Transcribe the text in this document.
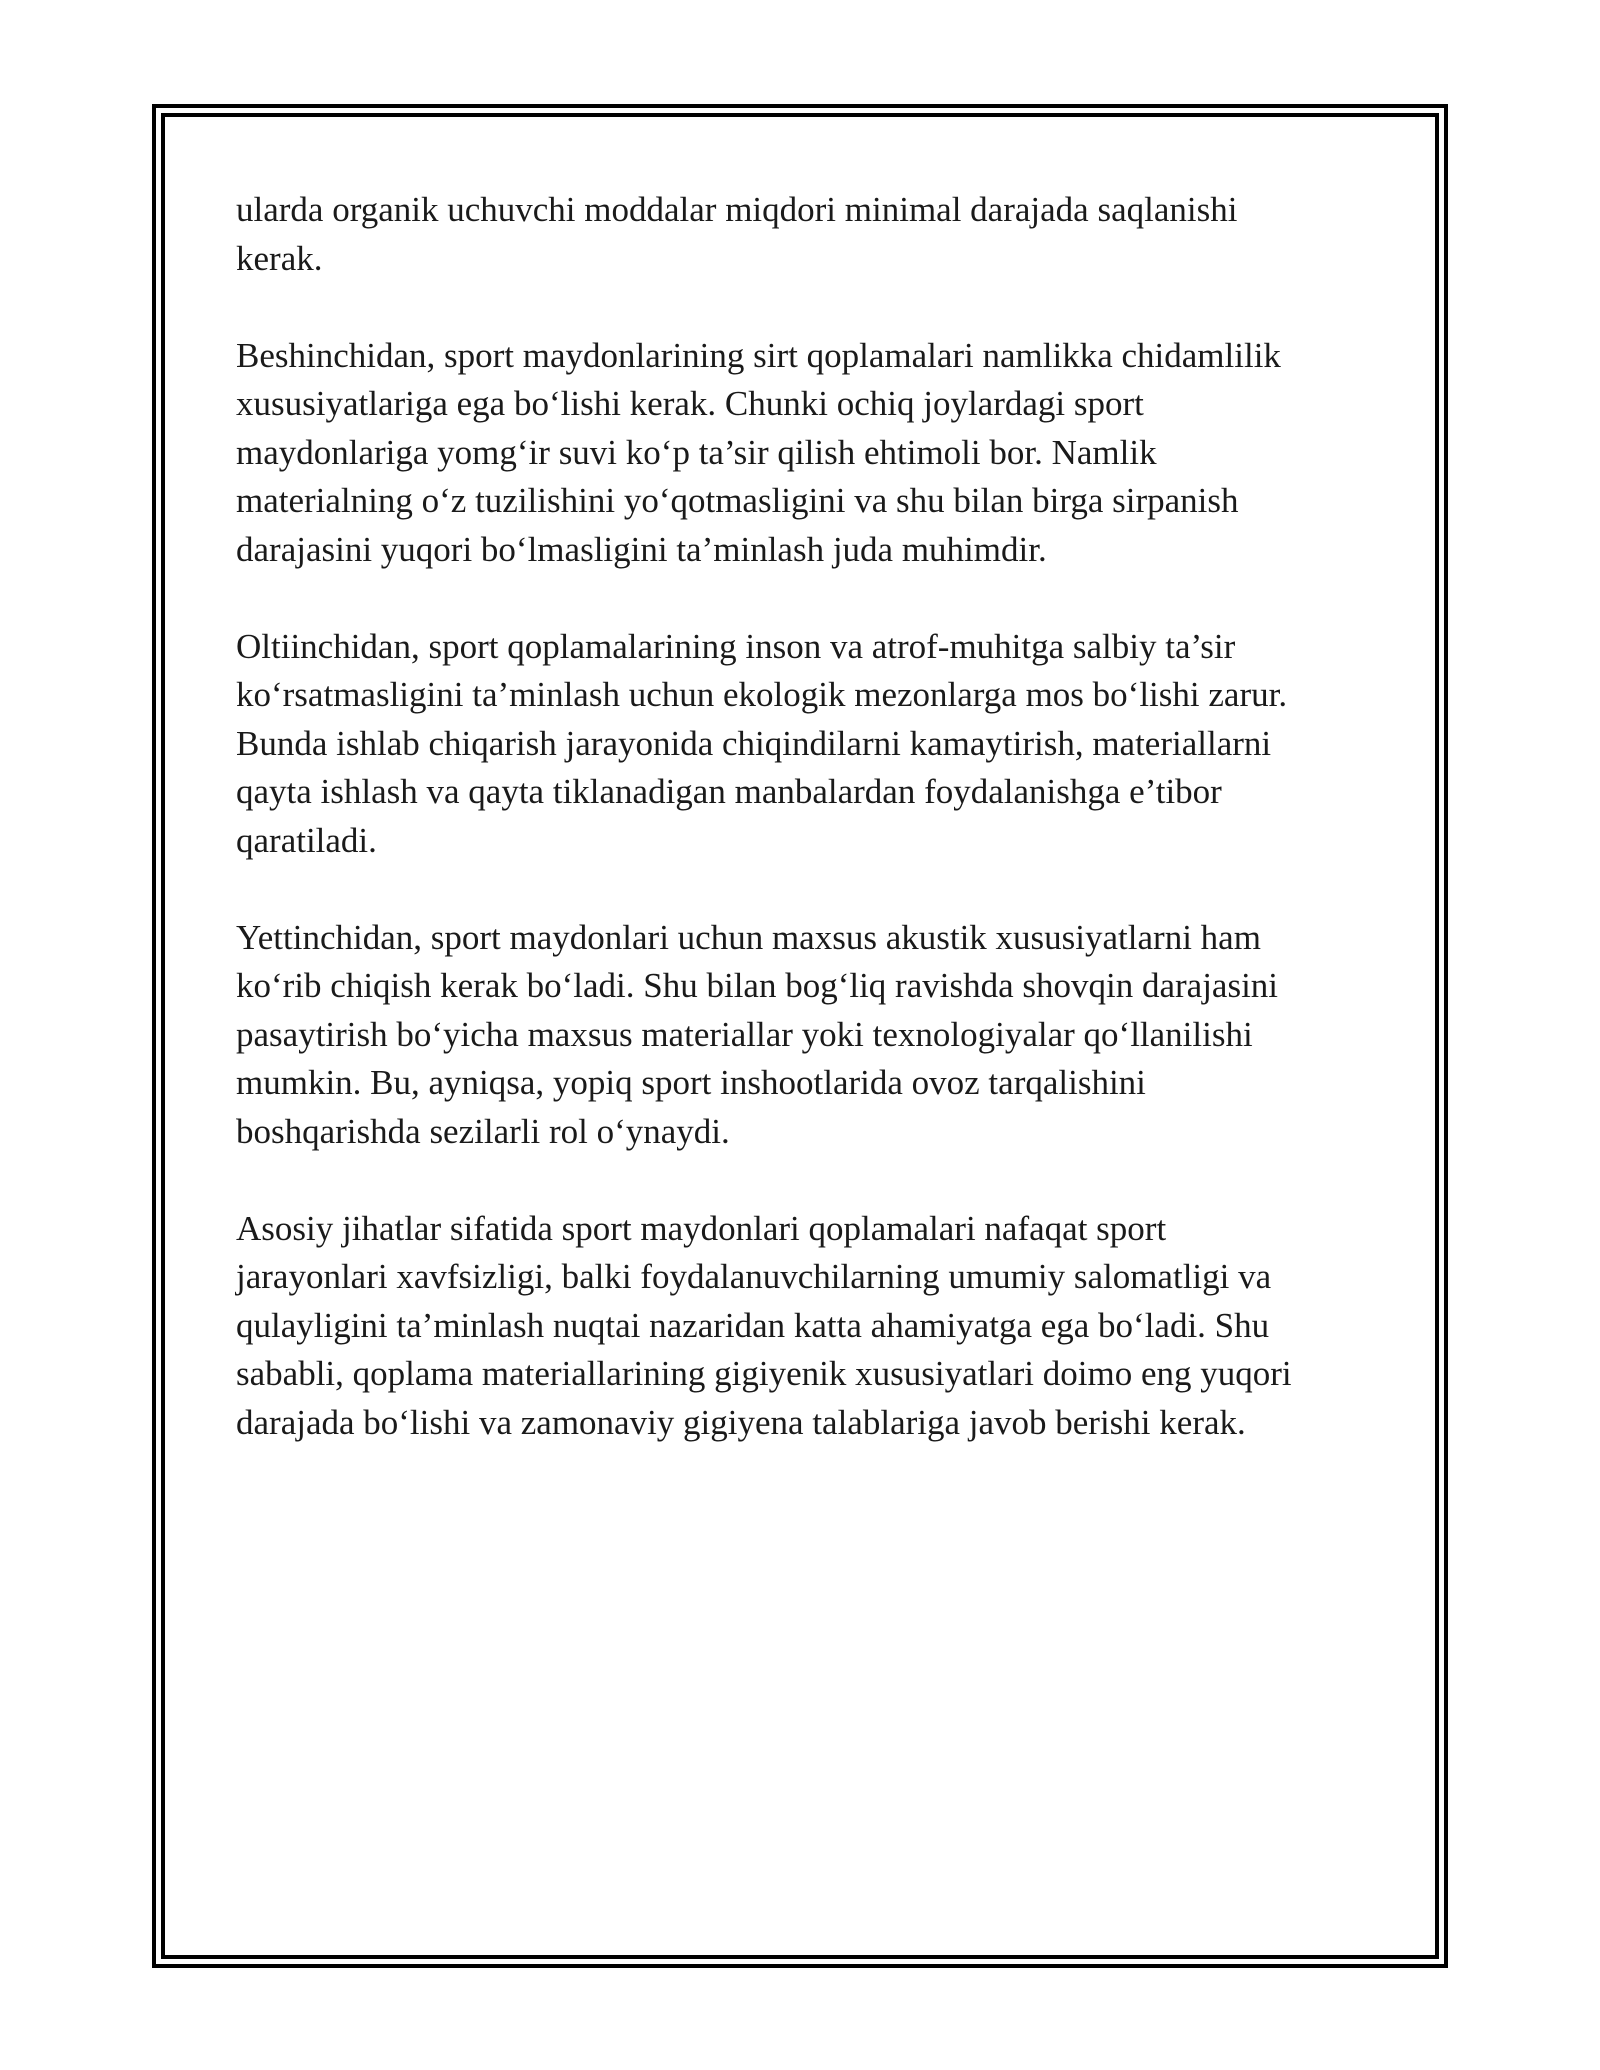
ularda organik uchuvchi moddalar miqdori minimal darajada saqlanishi
kerak.

Beshinchidan, sport maydonlarining sirt qoplamalari namlikka chidamlilik
xususiyatlariga ega bo‘lishi kerak. Chunki ochiq joylardagi sport
maydonlariga yomg‘ir suvi ko‘p ta’sir qilish ehtimoli bor. Namlik
materialning o‘z tuzilishini yo‘qotmasligini va shu bilan birga sirpanish
darajasini yuqori bo‘lmasligini ta’minlash juda muhimdir.

Oltiinchidan, sport qoplamalarining inson va atrof-muhitga salbiy ta’sir
ko‘rsatmasligini ta’minlash uchun ekologik mezonlarga mos bo‘lishi zarur.
Bunda ishlab chiqarish jarayonida chiqindilarni kamaytirish, materiallarni
qayta ishlash va qayta tiklanadigan manbalardan foydalanishga e’tibor
qaratiladi.

Yettinchidan, sport maydonlari uchun maxsus akustik xususiyatlarni ham
ko‘rib chiqish kerak bo‘ladi. Shu bilan bog‘liq ravishda shovqin darajasini
pasaytirish bo‘yicha maxsus materiallar yoki texnologiyalar qo‘llanilishi
mumkin. Bu, ayniqsa, yopiq sport inshootlarida ovoz tarqalishini
boshqarishda sezilarli rol o‘ynaydi.

Asosiy jihatlar sifatida sport maydonlari qoplamalari nafaqat sport
jarayonlari xavfsizligi, balki foydalanuvchilarning umumiy salomatligi va
qulayligini ta’minlash nuqtai nazaridan katta ahamiyatga ega bo‘ladi. Shu
sababli, qoplama materiallarining gigiyenik xususiyatlari doimo eng yuqori
darajada bo‘lishi va zamonaviy gigiyena talablariga javob berishi kerak.
